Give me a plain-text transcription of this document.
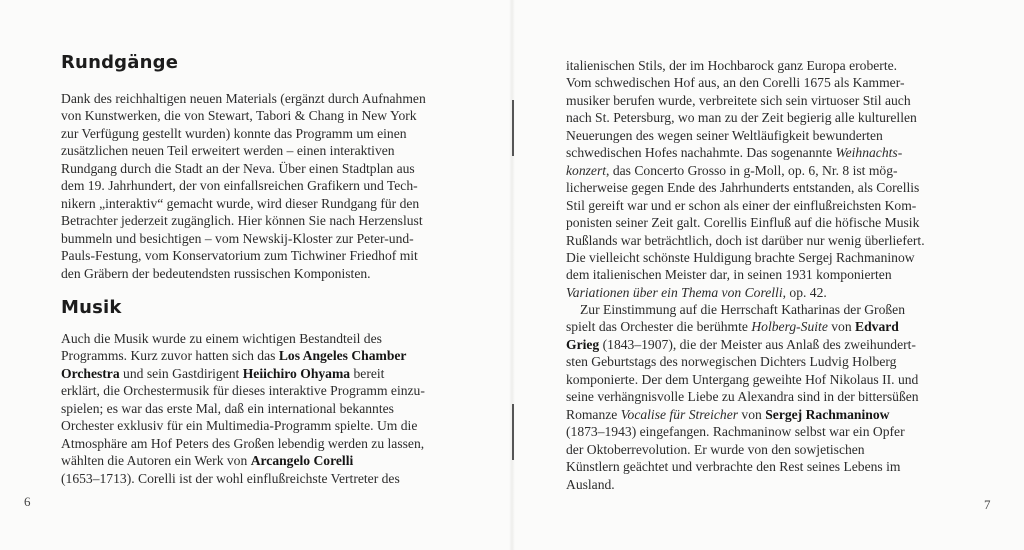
Rundgänge
Dank des reichhaltigen neuen Materials (ergänzt durch Aufnahmen
von Kunstwerken, die von Stewart, Tabori & Chang in New York
zur Verfügung gestellt wurden) konnte das Programm um einen
zusätzlichen neuen Teil erweitert werden – einen interaktiven
Rundgang durch die Stadt an der Neva. Über einen Stadtplan aus
dem 19. Jahrhundert, der von einfallsreichen Grafikern und Tech-
nikern „interaktiv“ gemacht wurde, wird dieser Rundgang für den
Betrachter jederzeit zugänglich. Hier können Sie nach Herzenslust
bummeln und besichtigen – vom Newskij-Kloster zur Peter-und-
Pauls-Festung, vom Konservatorium zum Tichwiner Friedhof mit
den Gräbern der bedeutendsten russischen Komponisten.
Musik
Auch die Musik wurde zu einem wichtigen Bestandteil des
Programms. Kurz zuvor hatten sich das Los Angeles Chamber
Orchestra und sein Gastdirigent Heiichiro Ohyama bereit
erklärt, die Orchestermusik für dieses interaktive Programm einzu-
spielen; es war das erste Mal, daß ein international bekanntes
Orchester exklusiv für ein Multimedia-Programm spielte. Um die
Atmosphäre am Hof Peters des Großen lebendig werden zu lassen,
wählten die Autoren ein Werk von Arcangelo Corelli
(1653–1713). Corelli ist der wohl einflußreichste Vertreter des
6
italienischen Stils, der im Hochbarock ganz Europa eroberte.
Vom schwedischen Hof aus, an den Corelli 1675 als Kammer-
musiker berufen wurde, verbreitete sich sein virtuoser Stil auch
nach St. Petersburg, wo man zu der Zeit begierig alle kulturellen
Neuerungen des wegen seiner Weltläufigkeit bewunderten
schwedischen Hofes nachahmte. Das sogenannte Weihnachts-
konzert, das Concerto Grosso in g-Moll, op. 6, Nr. 8 ist mög-
licherweise gegen Ende des Jahrhunderts entstanden, als Corellis
Stil gereift war und er schon als einer der einflußreichsten Kom-
ponisten seiner Zeit galt. Corellis Einfluß auf die höfische Musik
Rußlands war beträchtlich, doch ist darüber nur wenig überliefert.
Die vielleicht schönste Huldigung brachte Sergej Rachmaninow
dem italienischen Meister dar, in seinen 1931 komponierten
Variationen über ein Thema von Corelli, op. 42.
Zur Einstimmung auf die Herrschaft Katharinas der Großen
spielt das Orchester die berühmte Holberg-Suite von Edvard
Grieg (1843–1907), die der Meister aus Anlaß des zweihundert-
sten Geburtstags des norwegischen Dichters Ludvig Holberg
komponierte. Der dem Untergang geweihte Hof Nikolaus II. und
seine verhängnisvolle Liebe zu Alexandra sind in der bittersüßen
Romanze Vocalise für Streicher von Sergej Rachmaninow
(1873–1943) eingefangen. Rachmaninow selbst war ein Opfer
der Oktoberrevolution. Er wurde von den sowjetischen
Künstlern geächtet und verbrachte den Rest seines Lebens im
Ausland.
7
